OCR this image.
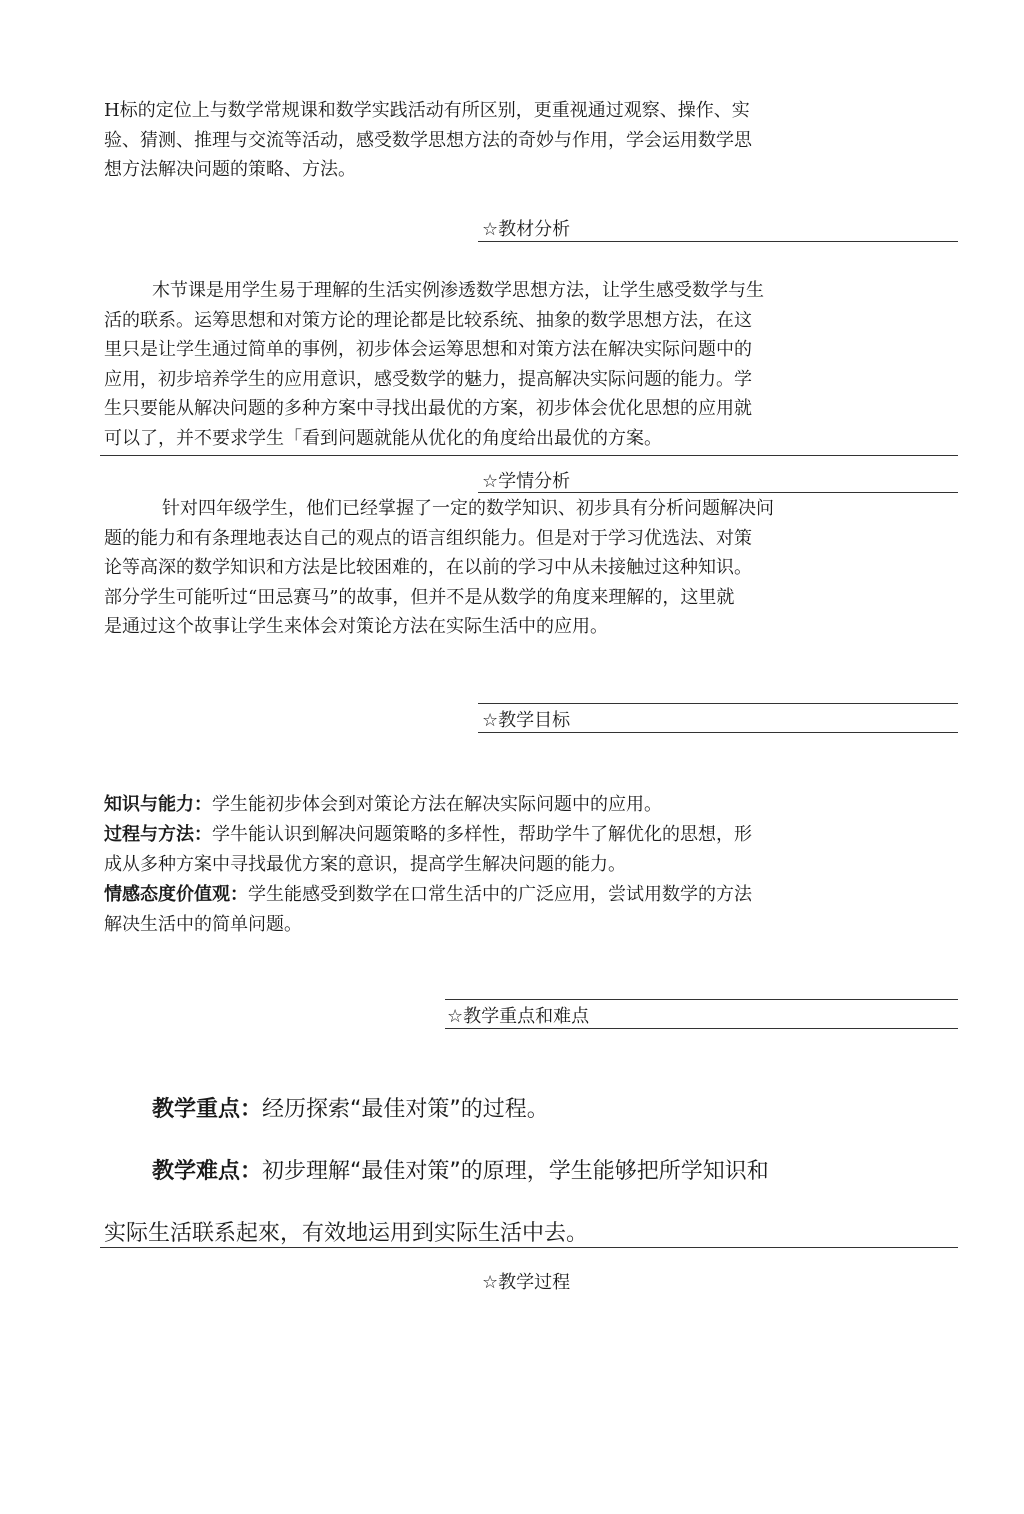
H标的定位上与数学常规课和数学实践活动有所区别，更重视通过观察、操作、实
验、猜测、推理与交流等活动，感受数学思想方法的奇妙与作用，学会运用数学思
想方法解决问题的策略、方法。
☆教材分析
木节课是用学生易于理解的生活实例渗透数学思想方法，让学生感受数学与生
活的联系。运筹思想和对策方论的理论都是比较系统、抽象的数学思想方法，在这
里只是让学生通过简单的事例，初步体会运筹思想和对策方法在解决实际问题中的
应用，初步培养学生的应用意识，感受数学的魅力，提高解决实际问题的能力。学
生只要能从解决问题的多种方案中寻找出最优的方案，初步体会优化思想的应用就
可以了，并不要求学生「看到问题就能从优化的角度给出最优的方案。
☆学情分析
针对四年级学生，他们已经掌握了一定的数学知识、初步具有分析问题解决问
题的能力和有条理地表达自己的观点的语言组织能力。但是对于学习优选法、对策
论等高深的数学知识和方法是比较困难的，在以前的学习中从未接触过这种知识。
部分学生可能听过“田忌赛马”的故事，但并不是从数学的角度来理解的，这里就
是通过这个故事让学生来体会对策论方法在实际生活中的应用。
☆教学目标
知识与能力：学生能初步体会到对策论方法在解决实际问题中的应用。
过程与方法：学牛能认识到解决问题策略的多样性，帮助学牛了解优化的思想，形
成从多种方案中寻找最优方案的意识，提高学生解决问题的能力。
情感态度价值观：学生能感受到数学在口常生活中的广泛应用，尝试用数学的方法
解决生活中的简单问题。
☆教学重点和难点
教学重点：经历探索“最佳对策”的过程。
教学难点：初步理解“最佳对策”的原理，学生能够把所学知识和
实际生活联系起來，有效地运用到实际生活中去。
☆教学过程
